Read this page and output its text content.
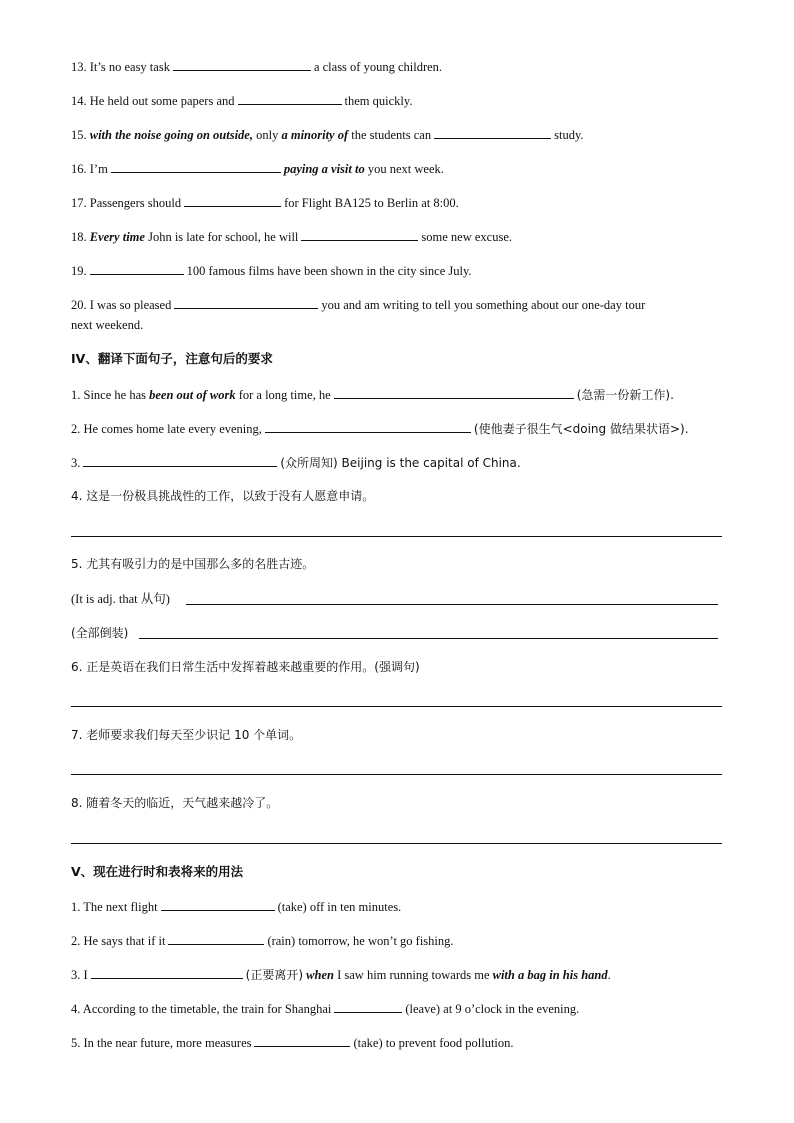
13. It’s no easy task	a class of young children.
14. He held out some papers and	them quickly.
15. with the noise going on outside, only a minority of the students can	study.
16. I’m	paying a visit to you next week.
17. Passengers should	for Flight BA125 to Berlin at 8:00.
18. Every time John is late for school, he will	some new excuse.
19.	100 famous films have been shown in the city since July.
20. I was so pleased	you and am writing to tell you something about our one-day tour
next weekend.
IV、翻译下面句子，注意句后的要求
1. Since he has been out of work for a long time, he	(急需一份新工作).
2. He comes home late every evening,	(使他妻子很生气<doing 做结果状语>).
3.	(众所周知) Beijing is the capital of China.
4. 这是一份极具挑战性的工作，以致于没有人愿意申请。
5. 尤其有吸引力的是中国那么多的名胜古迹。
(It is adj. that 从句)
(全部倒装)
6. 正是英语在我们日常生活中发挥着越来越重要的作用。(强调句)
7. 老师要求我们每天至少识记 10 个单词。
8. 随着冬天的临近，天气越来越冷了。
V、现在进行时和表将来的用法
1. The next flight	(take) off in ten minutes.
2. He says that if it	(rain) tomorrow, he won’t go fishing.
3. I	(正要离开) when I saw him running towards me with a bag in his hand.
4. According to the timetable, the train for Shanghai	(leave) at 9 o’clock in the evening.
5. In the near future, more measures	(take) to prevent food pollution.
